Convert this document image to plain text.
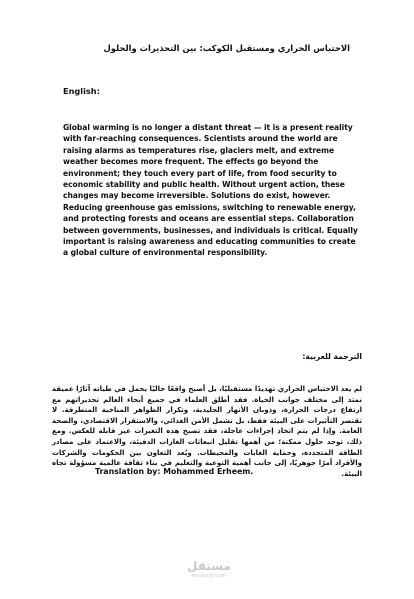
الاحتباس الحراري ومستقبل الكوكب: بين التحذيرات والحلول
English:
Global warming is no longer a distant threat — it is a present reality with far-reaching consequences. Scientists around the world are raising alarms as temperatures rise, glaciers melt, and extreme weather becomes more frequent. The effects go beyond the environment; they touch every part of life, from food security to economic stability and public health. Without urgent action, these changes may become irreversible. Solutions do exist, however. Reducing greenhouse gas emissions, switching to renewable energy, and protecting forests and oceans are essential steps. Collaboration between governments, businesses, and individuals is critical. Equally important is raising awareness and educating communities to create a global culture of environmental responsibility.
الترجمة للعربية:
لم يعد الاحتباس الحراري تهديدًا مستقبليًا، بل أصبح واقعًا حاليًا يحمل في طياته آثارًا عميقة تمتد إلى مختلف جوانب الحياة. فقد أطلق العلماء في جميع أنحاء العالم تحذيراتهم مع ارتفاع درجات الحرارة، وذوبان الأنهار الجليدية، وتكرار الظواهر المناخية المتطرفة. لا تقتصر التأثيرات على البيئة فقط، بل تشمل الأمن الغذائي، والاستقرار الاقتصادي، والصحة العامة. وإذا لم يتم اتخاذ إجراءات عاجلة، فقد تصبح هذه التغيرات غير قابلة للعكس. ومع ذلك، توجد حلول ممكنة؛ من أهمها تقليل انبعاثات الغازات الدفيئة، والاعتماد على مصادر الطاقة المتجددة، وحماية الغابات والمحيطات. ويُعد التعاون بين الحكومات والشركات والأفراد أمرًا جوهريًا، إلى جانب أهمية التوعية والتعليم في بناء ثقافة عالمية مسؤولة تجاه البيئة.
Translation by: Mohammed Erheem.
مستقل
mostaql.com
